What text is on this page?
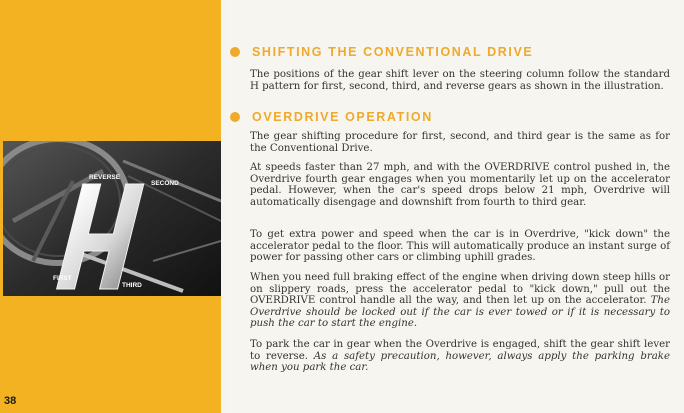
REVERSE
SECOND
FIRST
THIRD
38
SHIFTING THE CONVENTIONAL DRIVE

The positions of the gear shift lever on the steering column follow the standard H pattern for first, second, third, and reverse gears as shown in the illustration.

OVERDRIVE OPERATION

The gear shifting procedure for first, second, and third gear is the same as for the Conventional Drive.

At speeds faster than 27 mph, and with the OVERDRIVE control pushed in, the Overdrive fourth gear engages when you momentarily let up on the accelerator pedal. However, when the car's speed drops below 21 mph, Overdrive will automatically disengage and downshift from fourth to third gear.

To get extra power and speed when the car is in Overdrive, "kick down" the accelerator pedal to the floor. This will automatically produce an instant surge of power for passing other cars or climbing uphill grades.

When you need full braking effect of the engine when driving down steep hills or on slippery roads, press the accelerator pedal to "kick down," pull out the OVERDRIVE control handle all the way, and then let up on the accelerator. The Overdrive should be locked out if the car is ever towed or if it is necessary to push the car to start the engine.

To park the car in gear when the Overdrive is engaged, shift the gear shift lever to reverse. As a safety precaution, however, always apply the parking brake when you park the car.
